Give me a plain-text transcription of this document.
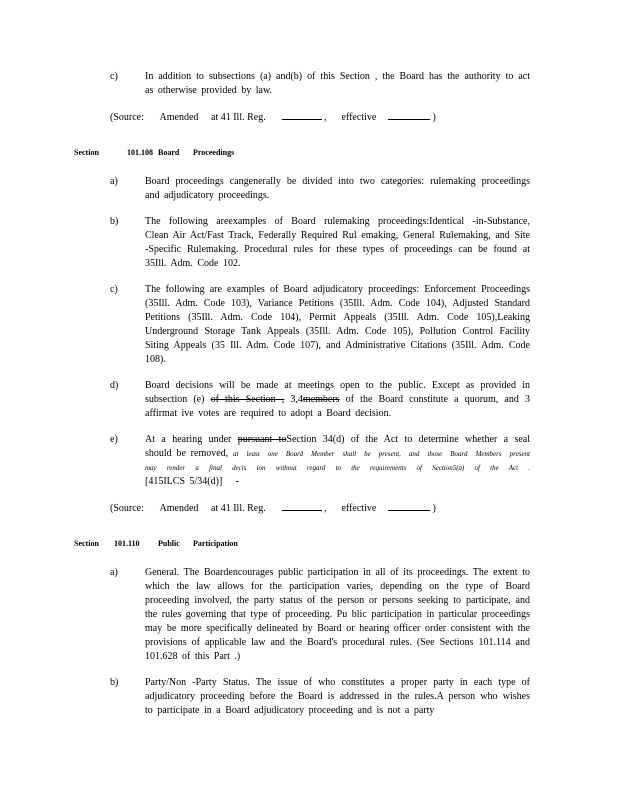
c)	In addition to subsections (a) and(b) of this Section , the Board has the authority to act as otherwise provided by law.
(Source: Amended at 41 Ill. Reg.	, effective	)
Section	101.108 Board Proceedings
a)	Board proceedings cangenerally be divided into two categories: rulemaking proceedings and adjudicatory proceedings.
b)	The following areexamples of Board rulemaking proceedings:Identical -in-Substance, Clean Air Act/Fast Track, Federally Required Rul emaking, General Rulemaking, and Site -Specific Rulemaking. Procedural rules for these types of proceedings can be found at 35Ill. Adm. Code 102.
c)	The following are examples of Board adjudicatory proceedings: Enforcement Proceedings (35Ill. Adm. Code 103), Variance Petitions (35Ill. Adm. Code 104), Adjusted Standard Petitions (35Ill. Adm. Code 104), Permit Appeals (35Ill. Adm. Code 105),Leaking Underground Storage Tank Appeals (35Ill. Adm. Code 105), Pollution Control Facility Siting Appeals (35 Ill. Adm. Code 107), and Administrative Citations (35Ill. Adm. Code 108).
d)	Board decisions will be made at meetings open to the public. Except as provided in subsection (e) of this Section , 3,4members of the Board constitute a quorum, and 3 affirmat ive votes are required to adopt a Board decision.
e)	At a hearing under pursuant toSection 34(d) of the Act to determine whether a seal should be removed, at least one Board Member shall be present, and those Board Members present may render a final decis ion without regard to the requirements of Section5(a) of the Act . [415ILCS 5/34(d)] -
(Source: Amended at 41 Ill. Reg.	, effective	)
Section 101.110 Public Participation
a)	General. The Boardencourages public participation in all of its proceedings. The extent to which the law allows for the participation varies, depending on the type of Board proceeding involved, the party status of the person or persons seeking to participate, and the rules governing that type of proceeding. Pu blic participation in particular proceedings may be more specifically delineated by Board or hearing officer order consistent with the provisions of applicable law and the Board's procedural rules. (See Sections 101.114 and 101.628 of this Part .)
b)	Party/Non -Party Status. The issue of who constitutes a proper party in each type of adjudicatory proceeding before the Board is addressed in the rules.A person who wishes to participate in a Board adjudicatory proceeding and is not a party
